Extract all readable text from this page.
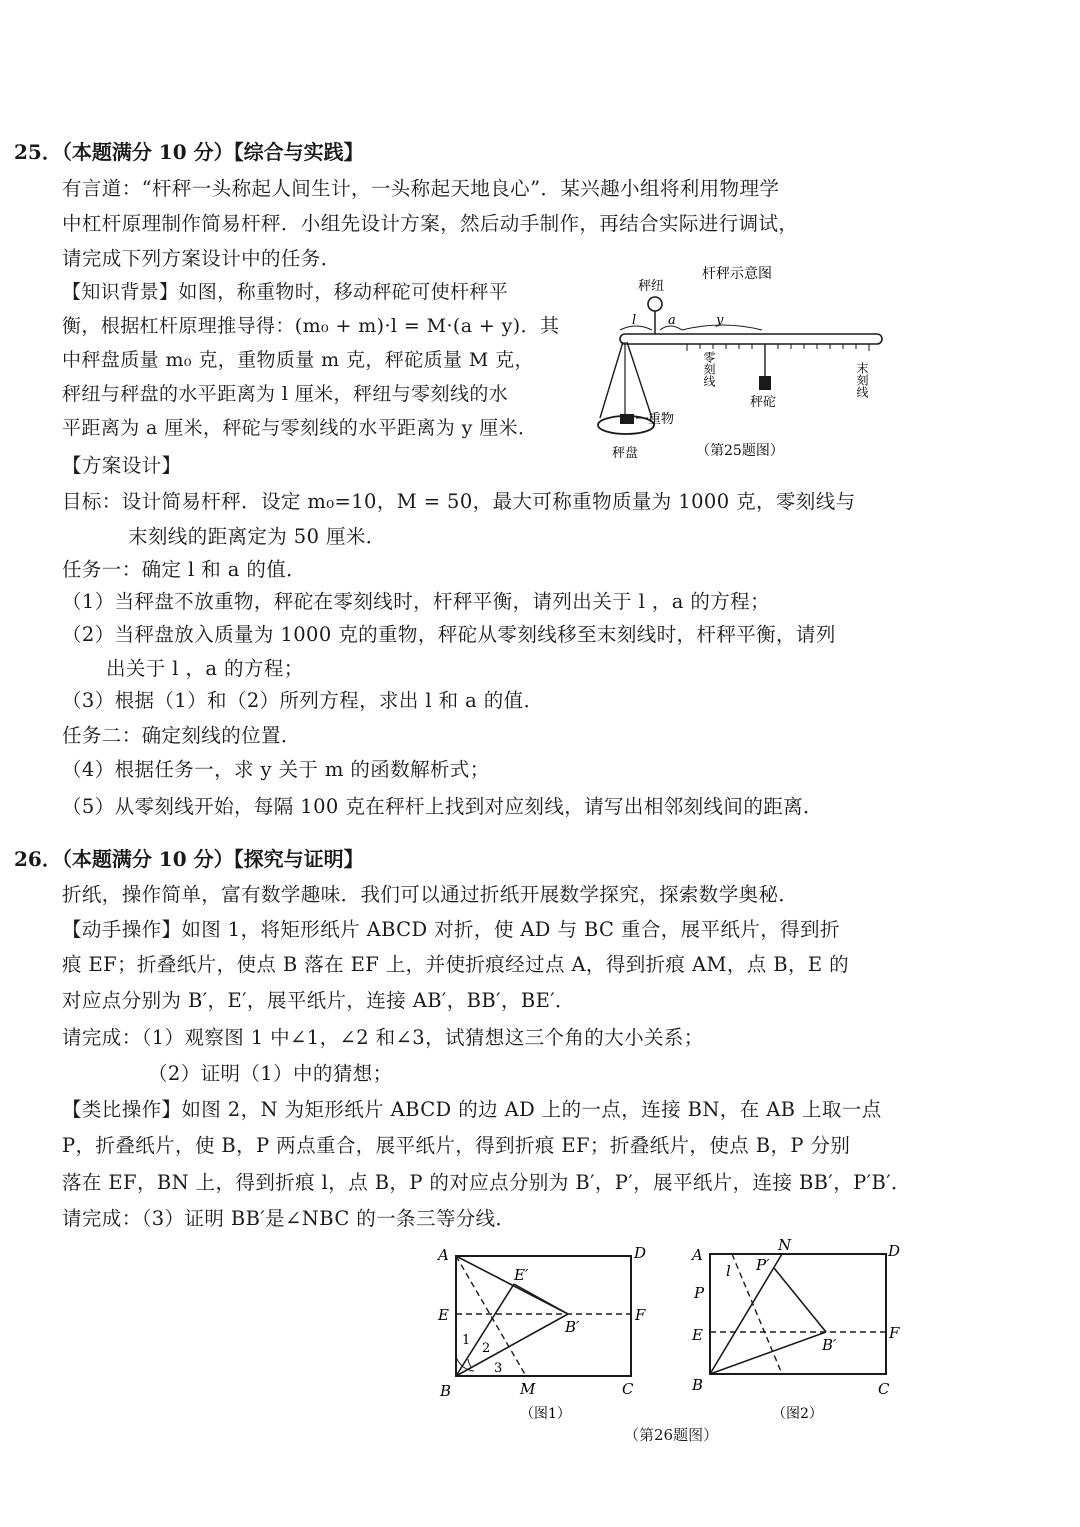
25．（本题满分 10 分）【综合与实践】
有言道：“杆秤一头称起人间生计，一头称起天地良心”．某兴趣小组将利用物理学
中杠杆原理制作简易杆秤．小组先设计方案，然后动手制作，再结合实际进行调试，
请完成下列方案设计中的任务．
【知识背景】如图，称重物时，移动秤砣可使杆秤平
衡，根据杠杆原理推导得：(m₀ + m)·l = M·(a + y)．其
中秤盘质量 m₀ 克，重物质量 m 克，秤砣质量 M 克，
秤纽与秤盘的水平距离为 l 厘米，秤纽与零刻线的水
平距离为 a 厘米，秤砣与零刻线的水平距离为 y 厘米．
杆秤示意图
秤纽
l a	y
零刻线
末刻线
秤砣
重物
秤盘	（第25题图）
【方案设计】
目标：设计简易杆秤．设定 m₀=10，M = 50，最大可称重物质量为 1000 克，零刻线与
末刻线的距离定为 50 厘米．
任务一：确定 l 和 a 的值．
（1）当秤盘不放重物，秤砣在零刻线时，杆秤平衡，请列出关于 l ，a 的方程；
（2）当秤盘放入质量为 1000 克的重物，秤砣从零刻线移至末刻线时，杆秤平衡，请列
出关于 l ，a 的方程；
（3）根据（1）和（2）所列方程，求出 l 和 a 的值．
任务二：确定刻线的位置．
（4）根据任务一，求 y 关于 m 的函数解析式；
（5）从零刻线开始，每隔 100 克在秤杆上找到对应刻线，请写出相邻刻线间的距离．
26．（本题满分 10 分）【探究与证明】
折纸，操作简单，富有数学趣味．我们可以通过折纸开展数学探究，探索数学奥秘．
【动手操作】如图 1，将矩形纸片 ABCD 对折，使 AD 与 BC 重合，展平纸片，得到折
痕 EF；折叠纸片，使点 B 落在 EF 上，并使折痕经过点 A，得到折痕 AM，点 B，E 的
对应点分别为 B′，E′，展平纸片，连接 AB′，BB′，BE′．
请完成：（1）观察图 1 中∠1，∠2 和∠3，试猜想这三个角的大小关系；
（2）证明（1）中的猜想；
【类比操作】如图 2，N 为矩形纸片 ABCD 的边 AD 上的一点，连接 BN，在 AB 上取一点
P，折叠纸片，使 B，P 两点重合，展平纸片，得到折痕 EF；折叠纸片，使点 B，P 分别
落在 EF，BN 上，得到折痕 l，点 B，P 的对应点分别为 B′，P′，展平纸片，连接 BB′，P′B′．
请完成：（3）证明 BB′是∠NBC 的一条三等分线．
A	D
E	F
E′
B′
B	M	C
1
2
3
（图1）
A	D
N
P′
l
P
E	F
B′
B	C
（图2）
（第26题图）
